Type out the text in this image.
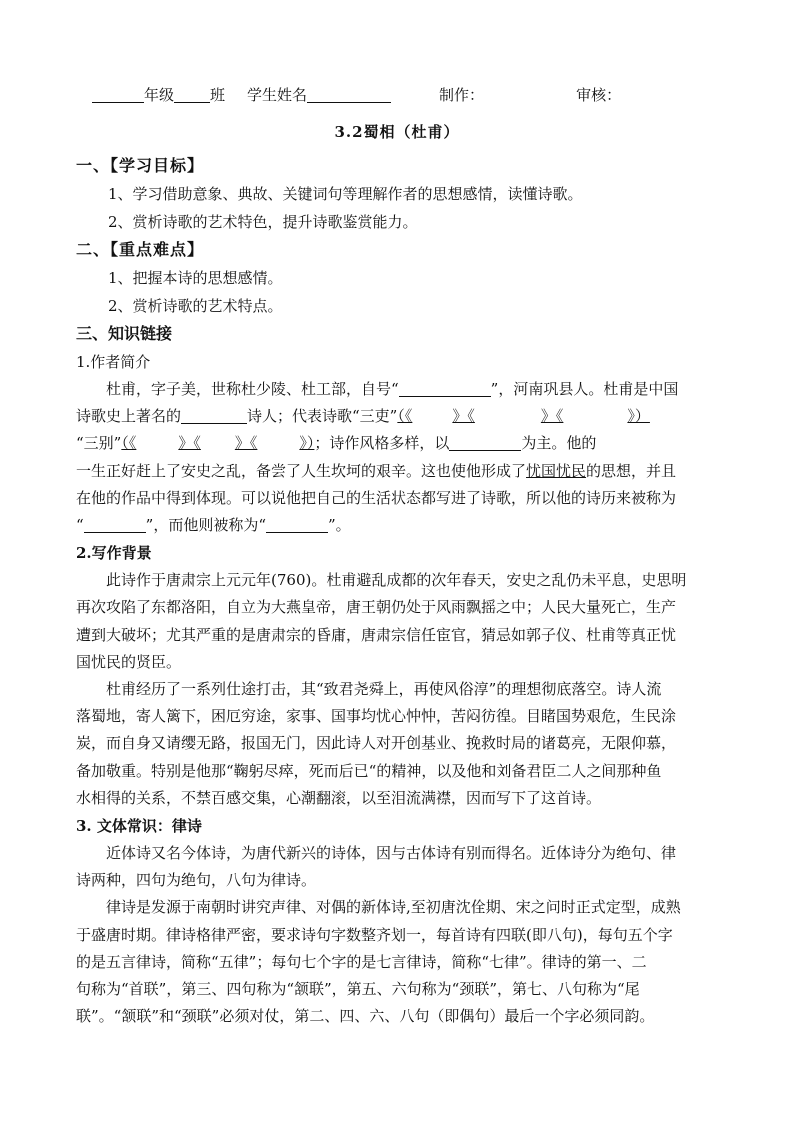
年级 班 学生姓名	制作：	审核：
3.2蜀相（杜甫）
一、【学习目标】
1、学习借助意象、典故、关键词句等理解作者的思想感情，读懂诗歌。
2、赏析诗歌的艺术特色，提升诗歌鉴赏能力。
二、【重点难点】
1、把握本诗的思想感情。
2、赏析诗歌的艺术特点。
三、知识链接
1.作者简介
杜甫，字子美，世称杜少陵、杜工部，自号“	”，河南巩县人。杜甫是中国
诗歌史上著名的	诗人；代表诗歌“三吏”（《	》《	》《	》）
“三别”（《	》《 》《	》）；诗作风格多样，以	为主。他的
一生正好赶上了安史之乱，备尝了人生坎坷的艰辛。这也使他形成了忧国忧民的思想，并且
在他的作品中得到体现。可以说他把自己的生活状态都写进了诗歌，所以他的诗历来被称为
“	”，而他则被称为“	”。
2.写作背景
此诗作于唐肃宗上元元年(760)。杜甫避乱成都的次年春天，安史之乱仍未平息，史思明
再次攻陷了东都洛阳，自立为大燕皇帝，唐王朝仍处于风雨飘摇之中；人民大量死亡，生产
遭到大破坏；尤其严重的是唐肃宗的昏庸，唐肃宗信任宦官，猜忌如郭子仪、杜甫等真正忧
国忧民的贤臣。
杜甫经历了一系列仕途打击，其“致君尧舜上，再使风俗淳”的理想彻底落空。诗人流
落蜀地，寄人篱下，困厄穷途，家事、国事均忧心忡忡，苦闷彷徨。目睹国势艰危，生民涂
炭，而自身又请缨无路，报国无门，因此诗人对开创基业、挽救时局的诸葛亮，无限仰慕，
备加敬重。特别是他那“鞠躬尽瘁，死而后已“的精神，以及他和刘备君臣二人之间那种鱼
水相得的关系，不禁百感交集，心潮翻滚，以至泪流满襟，因而写下了这首诗。
3. 文体常识：律诗
近体诗又名今体诗，为唐代新兴的诗体，因与古体诗有别而得名。近体诗分为绝句、律
诗两种，四句为绝句，八句为律诗。
律诗是发源于南朝时讲究声律、对偶的新体诗,至初唐沈佺期、宋之问时正式定型，成熟
于盛唐时期。律诗格律严密，要求诗句字数整齐划一，每首诗有四联(即八句)，每句五个字
的是五言律诗，简称“五律”；每句七个字的是七言律诗，简称“七律”。律诗的第一、二
句称为“首联”，第三、四句称为“颔联”，第五、六句称为“颈联”，第七、八句称为“尾
联”。“颔联”和“颈联”必须对仗，第二、四、六、八句（即偶句）最后一个字必须同韵。
